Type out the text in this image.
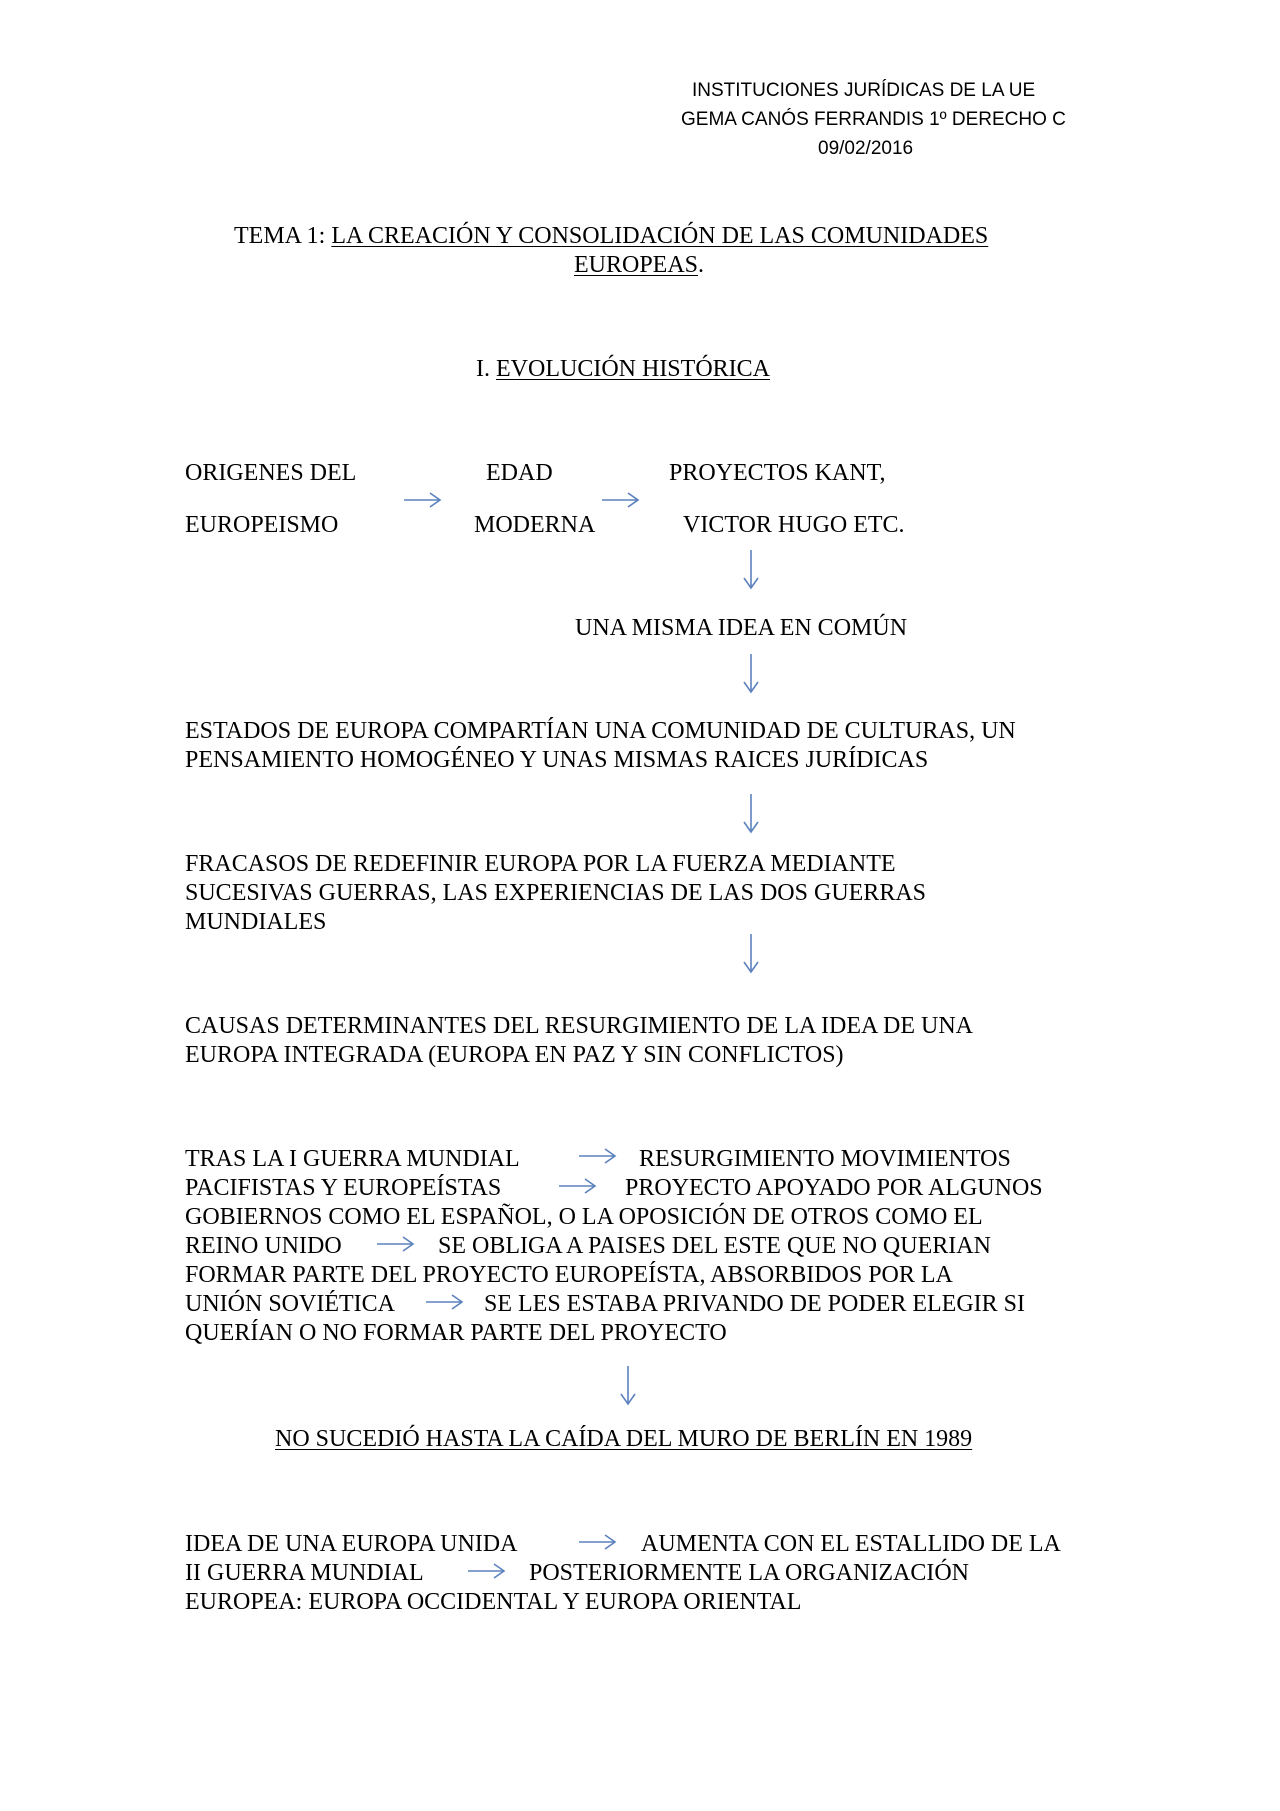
INSTITUCIONES JURÍDICAS DE LA UE
GEMA CANÓS FERRANDIS 1º DERECHO C
09/02/2016
TEMA 1: LA CREACIÓN Y CONSOLIDACIÓN DE LAS COMUNIDADES
EUROPEAS.
I. EVOLUCIÓN HISTÓRICA
ORIGENES DEL
EUROPEISMO
EDAD
MODERNA
PROYECTOS KANT,
VICTOR HUGO ETC.
UNA MISMA IDEA EN COMÚN
ESTADOS DE EUROPA COMPARTÍAN UNA COMUNIDAD DE CULTURAS, UN
PENSAMIENTO HOMOGÉNEO Y UNAS MISMAS RAICES JURÍDICAS
FRACASOS DE REDEFINIR EUROPA POR LA FUERZA MEDIANTE
SUCESIVAS GUERRAS, LAS EXPERIENCIAS DE LAS DOS GUERRAS
MUNDIALES
CAUSAS DETERMINANTES DEL RESURGIMIENTO DE LA IDEA DE UNA
EUROPA INTEGRADA (EUROPA EN PAZ Y SIN CONFLICTOS)
TRAS LA I GUERRA MUNDIAL	RESURGIMIENTO MOVIMIENTOS
PACIFISTAS Y EUROPEÍSTAS	PROYECTO APOYADO POR ALGUNOS
GOBIERNOS COMO EL ESPAÑOL, O LA OPOSICIÓN DE OTROS COMO EL
REINO UNIDO	SE OBLIGA A PAISES DEL ESTE QUE NO QUERIAN
FORMAR PARTE DEL PROYECTO EUROPEÍSTA, ABSORBIDOS POR LA
UNIÓN SOVIÉTICA	SE LES ESTABA PRIVANDO DE PODER ELEGIR SI
QUERÍAN O NO FORMAR PARTE DEL PROYECTO
NO SUCEDIÓ HASTA LA CAÍDA DEL MURO DE BERLÍN EN 1989
IDEA DE UNA EUROPA UNIDA	AUMENTA CON EL ESTALLIDO DE LA
II GUERRA MUNDIAL	POSTERIORMENTE LA ORGANIZACIÓN
EUROPEA: EUROPA OCCIDENTAL Y EUROPA ORIENTAL
